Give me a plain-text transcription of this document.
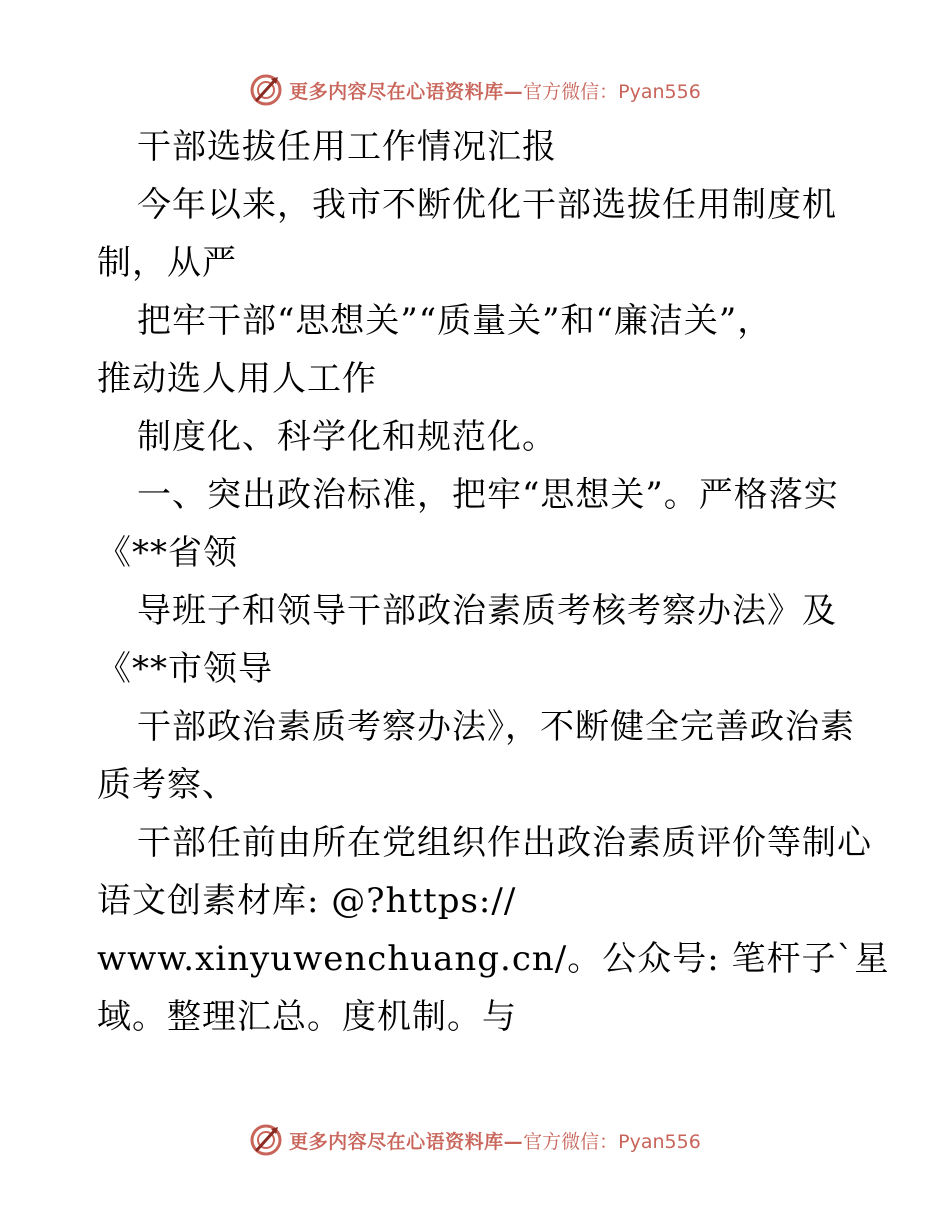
更多内容尽在心语资料库— 官方微信：Pyan556
干部选拔任用工作情况汇报
今年以来，我市不断优化干部选拔任用制度机
制，从严
把牢干部“思想关”“质量关”和“廉洁关”，
推动选人用人工作
制度化、科学化和规范化。
一、突出政治标准，把牢“思想关”。严格落实
《**省领
导班子和领导干部政治素质考核考察办法》及
《**市领导
干部政治素质考察办法》，不断健全完善政治素
质考察、
干部任前由所在党组织作出政治素质评价等制心
语文创素材库: @?https://
www.xinyuwenchuang.cn/。公众号: 笔杆子`星
域。整理汇总。度机制。与
更多内容尽在心语资料库— 官方微信：Pyan556
